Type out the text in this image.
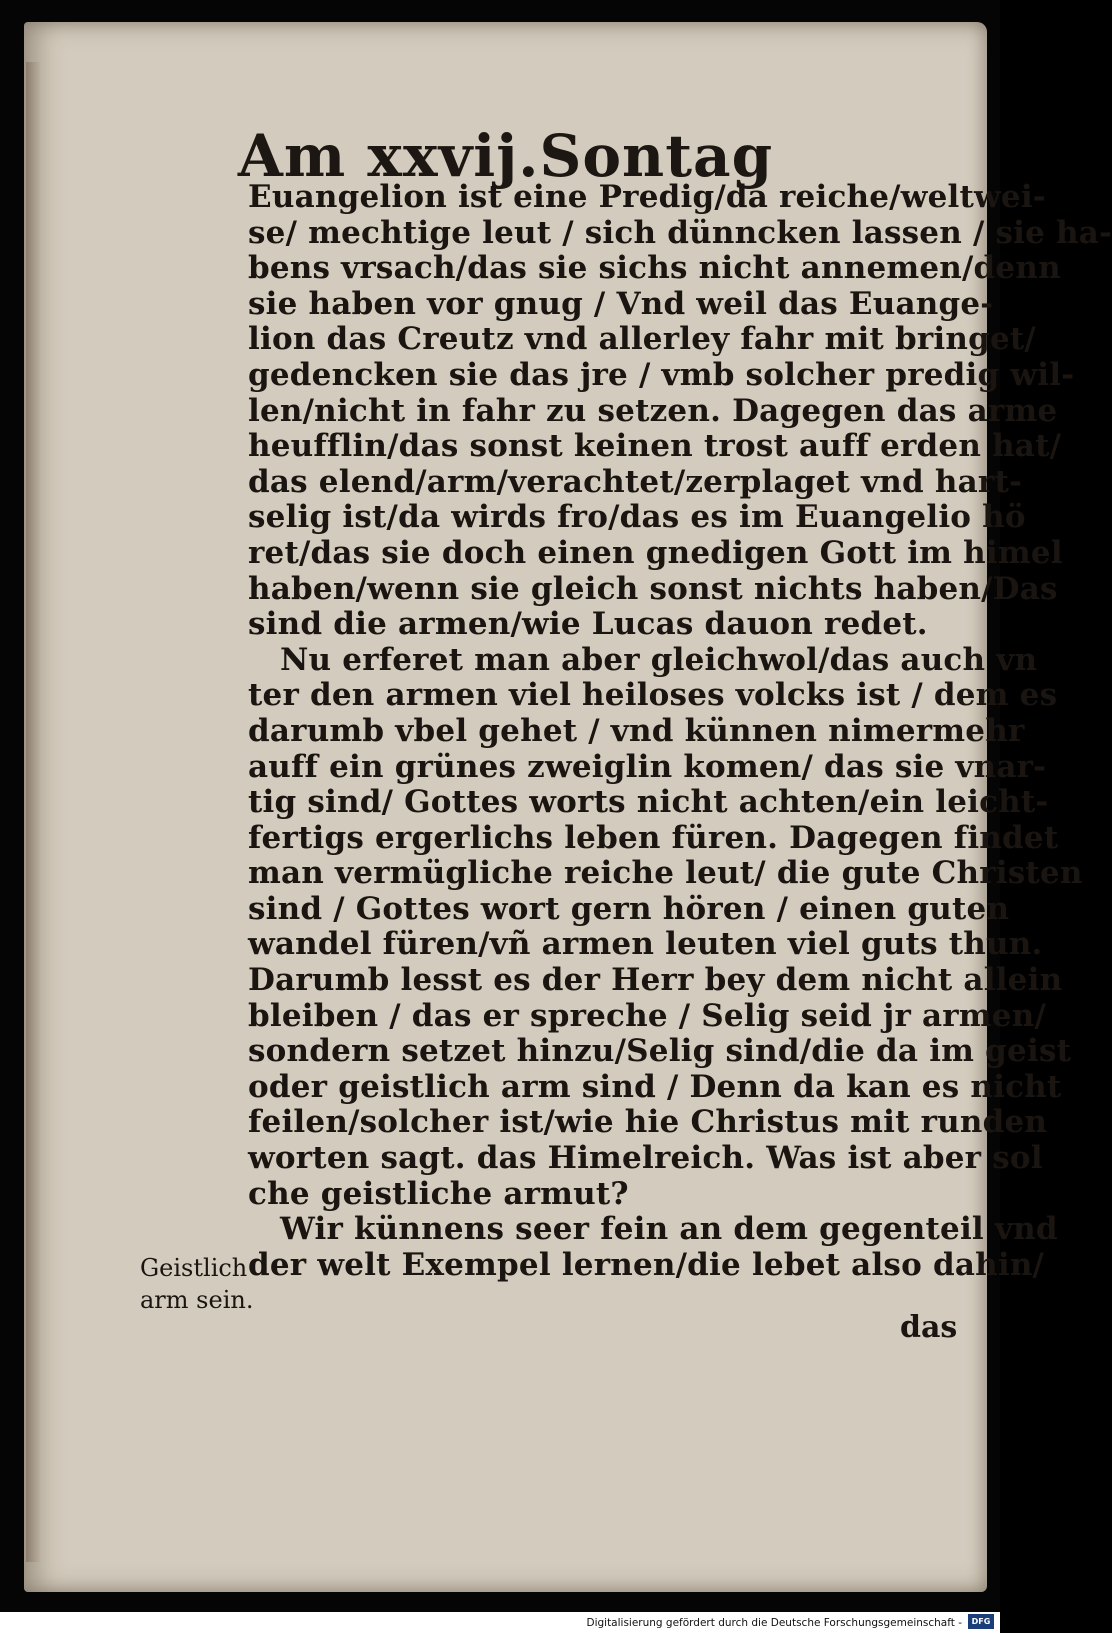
Am xxvij.Sontag
Euangelion ist eine Predig/da reiche/weltwei-
se/ mechtige leut / sich dünncken lassen / sie ha-
bens vrsach/das sie sichs nicht annemen/denn
sie haben vor gnug / Vnd weil das Euange-
lion das Creutz vnd allerley fahr mit bringet/
gedencken sie das jre / vmb solcher predig wil-
len/nicht in fahr zu setzen. Dagegen das arme
heufflin/das sonst keinen trost auff erden hat/
das elend/arm/verachtet/zerplaget vnd hart-
selig ist/da wirds fro/das es im Euangelio hö
ret/das sie doch einen gnedigen Gott im himel
haben/wenn sie gleich sonst nichts haben/Das
sind die armen/wie Lucas dauon redet.
Nu erferet man aber gleichwol/das auch vn
ter den armen viel heiloses volcks ist / dem es
darumb vbel gehet / vnd künnen nimermehr
auff ein grünes zweiglin komen/ das sie vnar-
tig sind/ Gottes worts nicht achten/ein leicht-
fertigs ergerlichs leben füren. Dagegen findet
man vermügliche reiche leut/ die gute Christen
sind / Gottes wort gern hören / einen guten
wandel füren/vñ armen leuten viel guts thun.
Darumb lesst es der Herr bey dem nicht allein
bleiben / das er spreche / Selig seid jr armen/
sondern setzet hinzu/Selig sind/die da im geist
oder geistlich arm sind / Denn da kan es nicht
feilen/solcher ist/wie hie Christus mit runden
worten sagt. das Himelreich. Was ist aber sol
che geistliche armut?
Wir künnens seer fein an dem gegenteil vnd
der welt Exempel lernen/die lebet also dahin/
das
Geistlich
arm sein.
Digitalisierung gefördert durch die Deutsche Forschungsgemeinschaft -	DFG
